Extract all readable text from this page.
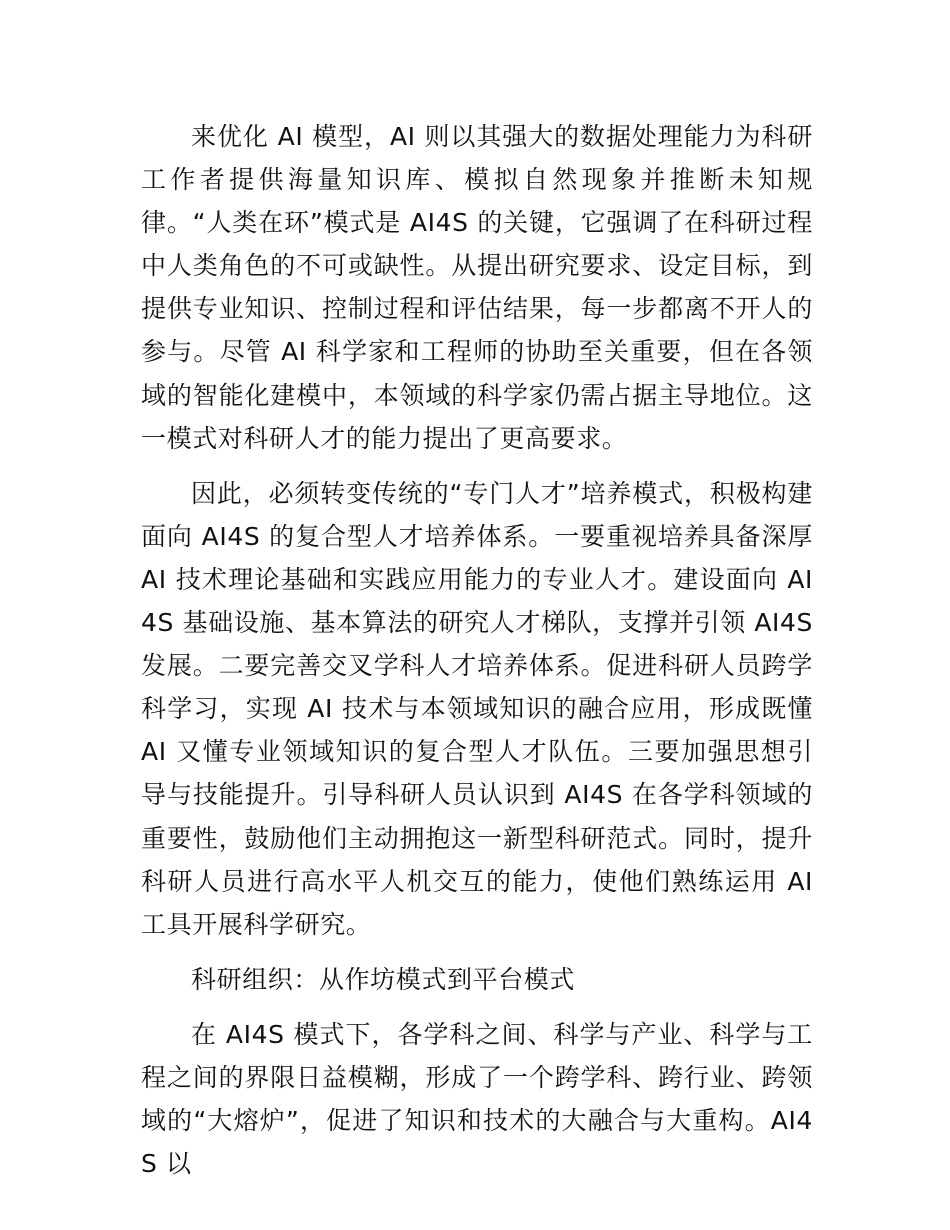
来优化 AI 模型，AI 则以其强大的数据处理能力为科研工作者提供海量知识库、模拟自然现象并推断未知规律。“人类在环”模式是 AI4S 的关键，它强调了在科研过程中人类角色的不可或缺性。从提出研究要求、设定目标，到提供专业知识、控制过程和评估结果，每一步都离不开人的参与。尽管 AI 科学家和工程师的协助至关重要，但在各领域的智能化建模中，本领域的科学家仍需占据主导地位。这一模式对科研人才的能力提出了更高要求。

因此，必须转变传统的“专门人才”培养模式，积极构建面向 AI4S 的复合型人才培养体系。一要重视培养具备深厚 AI 技术理论基础和实践应用能力的专业人才。建设面向 AI4S 基础设施、基本算法的研究人才梯队，支撑并引领 AI4S 发展。二要完善交叉学科人才培养体系。促进科研人员跨学科学习，实现 AI 技术与本领域知识的融合应用，形成既懂 AI 又懂专业领域知识的复合型人才队伍。三要加强思想引导与技能提升。引导科研人员认识到 AI4S 在各学科领域的重要性，鼓励他们主动拥抱这一新型科研范式。同时，提升科研人员进行高水平人机交互的能力，使他们熟练运用 AI 工具开展科学研究。

科研组织：从作坊模式到平台模式

在 AI4S 模式下，各学科之间、科学与产业、科学与工程之间的界限日益模糊，形成了一个跨学科、跨行业、跨领域的“大熔炉”，促进了知识和技术的大融合与大重构。AI4S 以
